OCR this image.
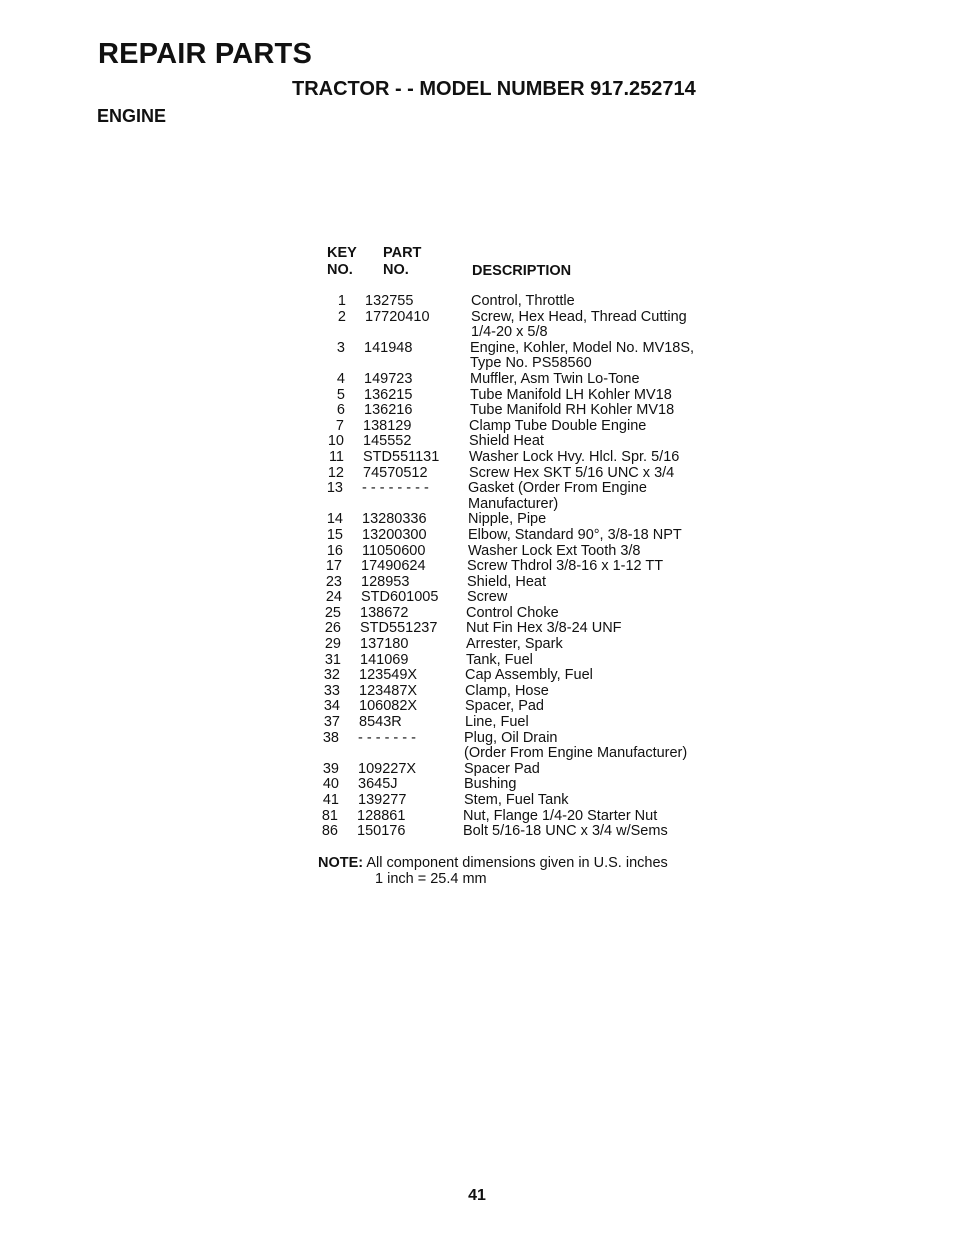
REPAIR PARTS
TRACTOR - - MODEL NUMBER 917.252714
ENGINE
KEY
NO.
PART
NO.	DESCRIPTION
1 132755	Control, Throttle
2 17720410	Screw, Hex Head, Thread Cutting
1/4-20 x 5/8
3 141948	Engine, Kohler, Model No. MV18S,
Type No. PS58560
4 149723	Muffler, Asm Twin Lo-Tone
5 136215	Tube Manifold LH Kohler MV18
6 136216	Tube Manifold RH Kohler MV18
7 138129	Clamp Tube Double Engine
10 145552	Shield Heat
11 STD551131 Washer Lock Hvy. Hlcl. Spr. 5/16
12 74570512	Screw Hex SKT 5/16 UNC x 3/4
13 - - - - - - - -	Gasket (Order From Engine
Manufacturer)
14 13280336	Nipple, Pipe
15 13200300	Elbow, Standard 90°, 3/8-18 NPT
16 11050600	Washer Lock Ext Tooth 3/8
17 17490624	Screw Thdrol 3/8-16 x 1-12 TT
23 128953	Shield, Heat
24 STD601005 Screw
25 138672	Control Choke
26 STD551237 Nut Fin Hex 3/8-24 UNF
29 137180	Arrester, Spark
31 141069	Tank, Fuel
32 123549X	Cap Assembly, Fuel
33 123487X	Clamp, Hose
34 106082X	Spacer, Pad
37 8543R	Line, Fuel
38 - - - - - - -	Plug, Oil Drain
(Order From Engine Manufacturer)
39 109227X	Spacer Pad
40 3645J	Bushing
41 139277	Stem, Fuel Tank
81 128861	Nut, Flange 1/4-20 Starter Nut
86 150176	Bolt 5/16-18 UNC x 3/4 w/Sems
NOTE: All component dimensions given in U.S. inches
1 inch = 25.4 mm
41
